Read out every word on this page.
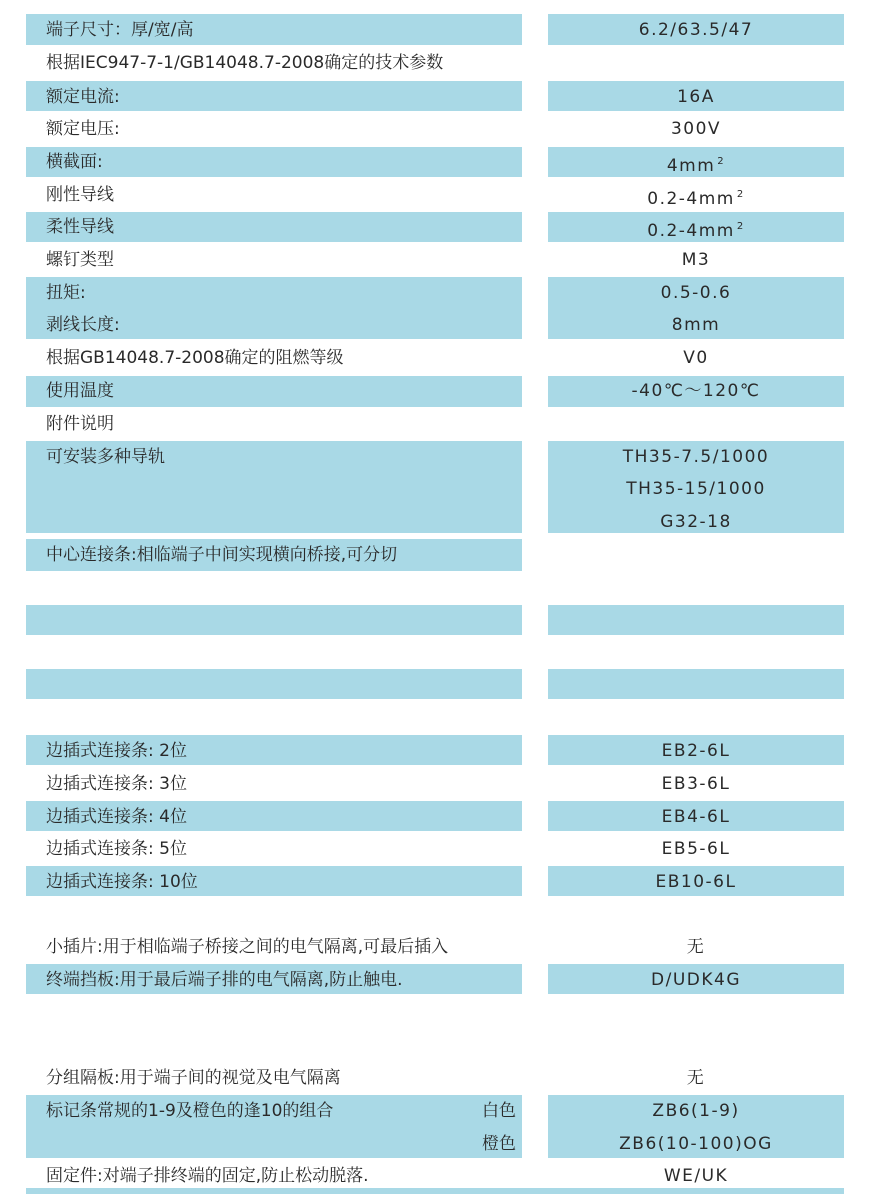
端子尺寸：厚/宽/高	6.2/63.5/47
根据IEC947-7-1/GB14048.7-2008确定的技术参数
额定电流:	16A
额定电压:	300V
横截面:	4mm $^2$
刚性导线	0.2-4mm $^2$
柔性导线	0.2-4mm $^2$
螺钉类型	M3
扭矩:	0.5-0.6
剥线长度:	8mm
根据GB14048.7-2008确定的阻燃等级	V0
使用温度	-40℃～120℃
附件说明
可安装多种导轨	TH35-7.5/1000
TH35-15/1000
G32-18
中心连接条:相临端子中间实现横向桥接,可分切
边插式连接条: 2位	EB2-6L
边插式连接条: 3位	EB3-6L
边插式连接条: 4位	EB4-6L
边插式连接条: 5位	EB5-6L
边插式连接条: 10位	EB10-6L
小插片:用于相临端子桥接之间的电气隔离,可最后插入	无
终端挡板:用于最后端子排的电气隔离,防止触电.	D/UDK4G
分组隔板:用于端子间的视觉及电气隔离	无
标记条常规的1-9及橙色的逢10的组合	白色	ZB6(1-9)
橙色	ZB6(10-100)OG
固定件:对端子排终端的固定,防止松动脱落.	WE/UK
